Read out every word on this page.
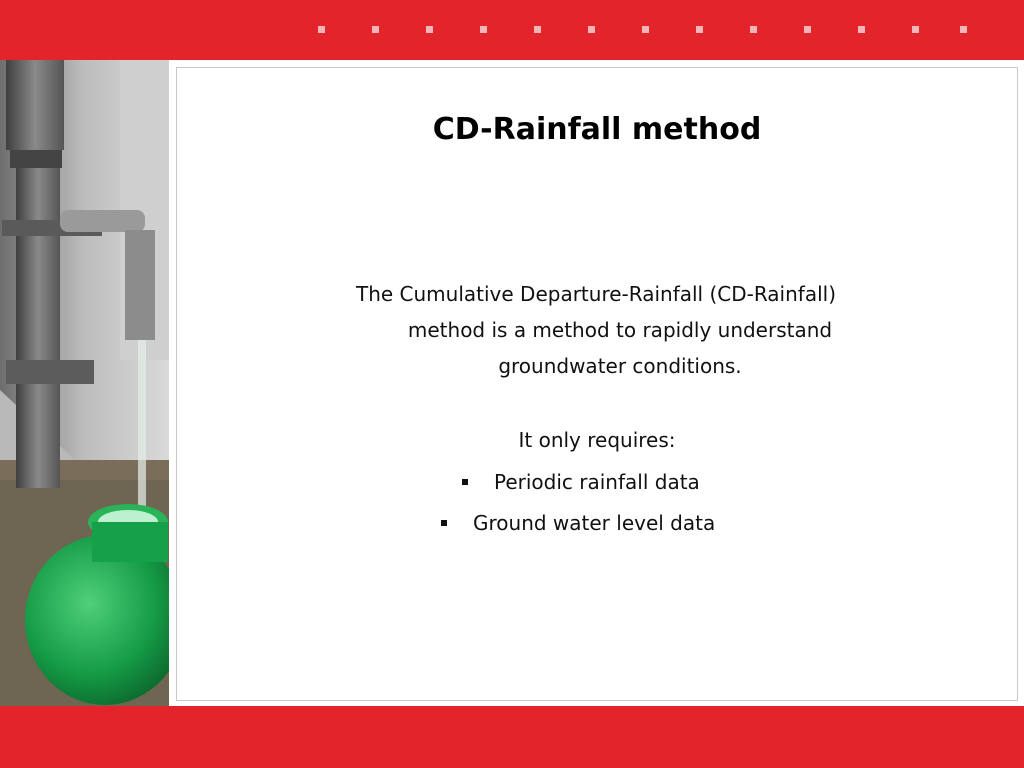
CD-Rainfall method
The Cumulative Departure-Rainfall (CD-Rainfall)
method is a method to rapidly understand
groundwater conditions.
It only requires:
Periodic rainfall data
Ground water level data
